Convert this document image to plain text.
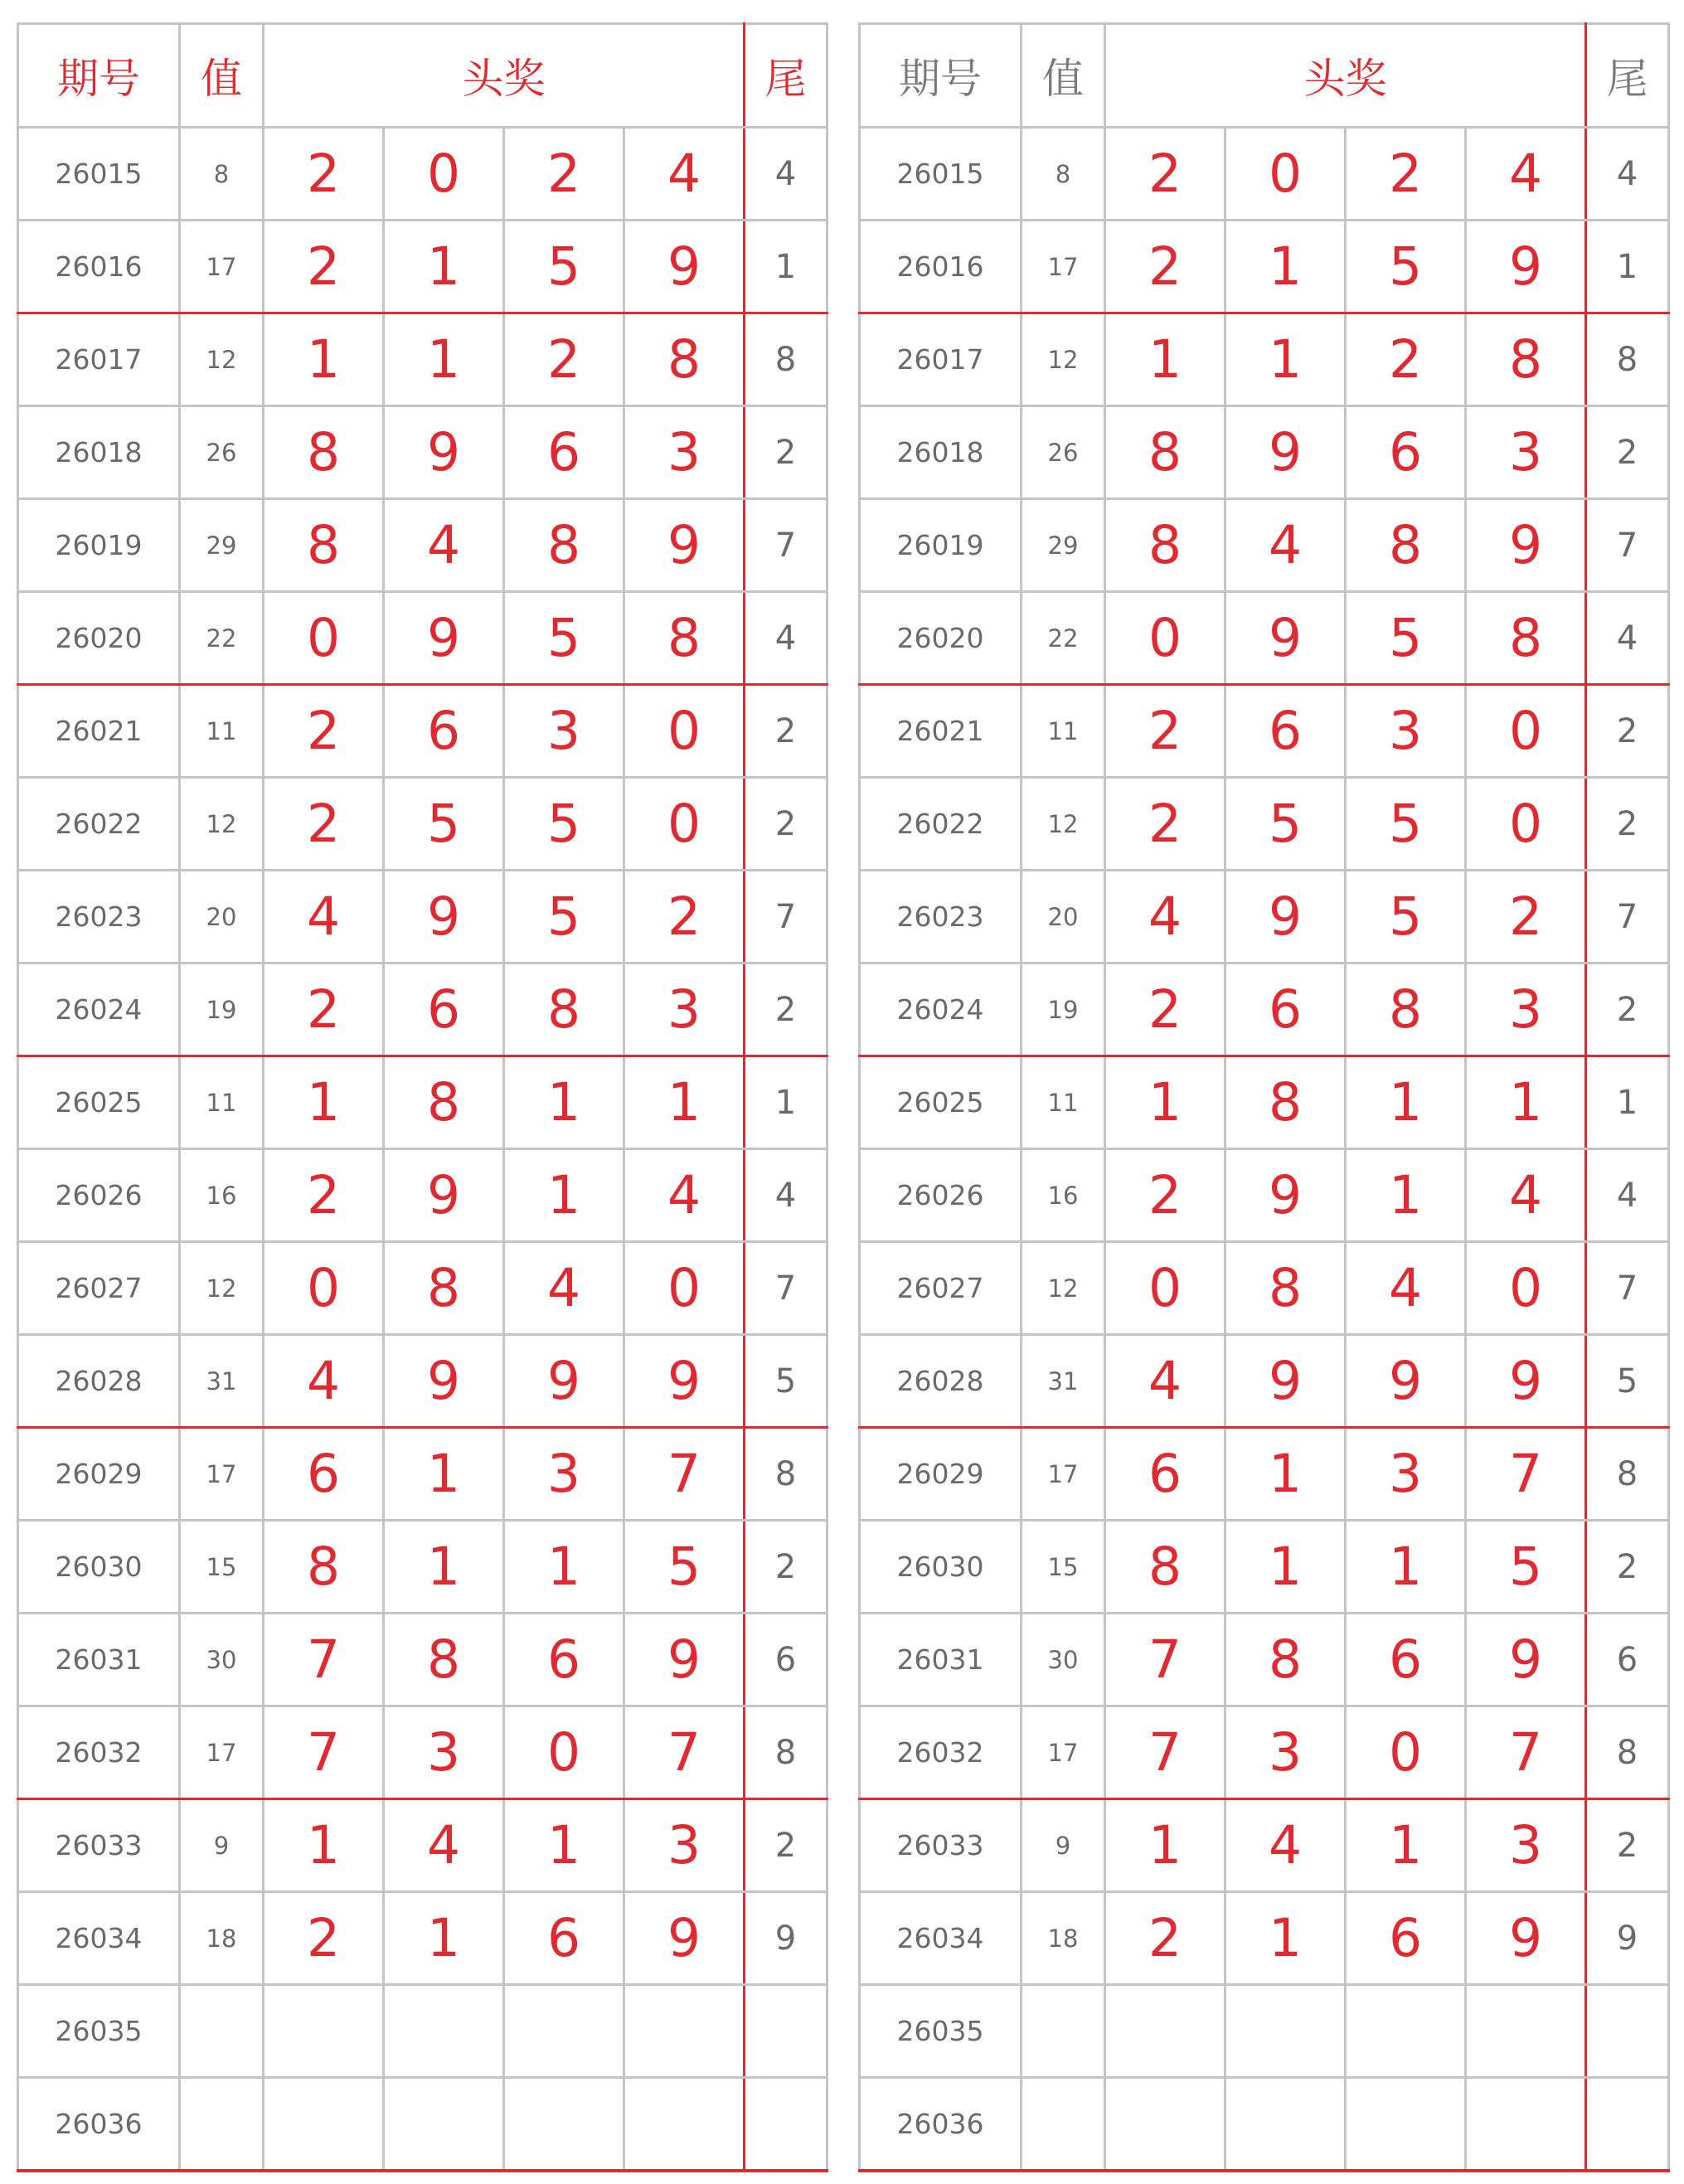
期号	值	头奖				尾
26015	8	2	0	2	4	4
26016	17	2	1	5	9	1
26017	12	1	1	2	8	8
26018	26	8	9	6	3	2
26019	29	8	4	8	9	7
26020	22	0	9	5	8	4
26021	11	2	6	3	0	2
26022	12	2	5	5	0	2
26023	20	4	9	5	2	7
26024	19	2	6	8	3	2
26025	11	1	8	1	1	1
26026	16	2	9	1	4	4
26027	12	0	8	4	0	7
26028	31	4	9	9	9	5
26029	17	6	1	3	7	8
26030	15	8	1	1	5	2
26031	30	7	8	6	9	6
26032	17	7	3	0	7	8
26033	9	1	4	1	3	2
26034	18	2	1	6	9	9
26035						
26036						
期号	值	头奖				尾
26015	8	2	0	2	4	4
26016	17	2	1	5	9	1
26017	12	1	1	2	8	8
26018	26	8	9	6	3	2
26019	29	8	4	8	9	7
26020	22	0	9	5	8	4
26021	11	2	6	3	0	2
26022	12	2	5	5	0	2
26023	20	4	9	5	2	7
26024	19	2	6	8	3	2
26025	11	1	8	1	1	1
26026	16	2	9	1	4	4
26027	12	0	8	4	0	7
26028	31	4	9	9	9	5
26029	17	6	1	3	7	8
26030	15	8	1	1	5	2
26031	30	7	8	6	9	6
26032	17	7	3	0	7	8
26033	9	1	4	1	3	2
26034	18	2	1	6	9	9
26035						
26036						
